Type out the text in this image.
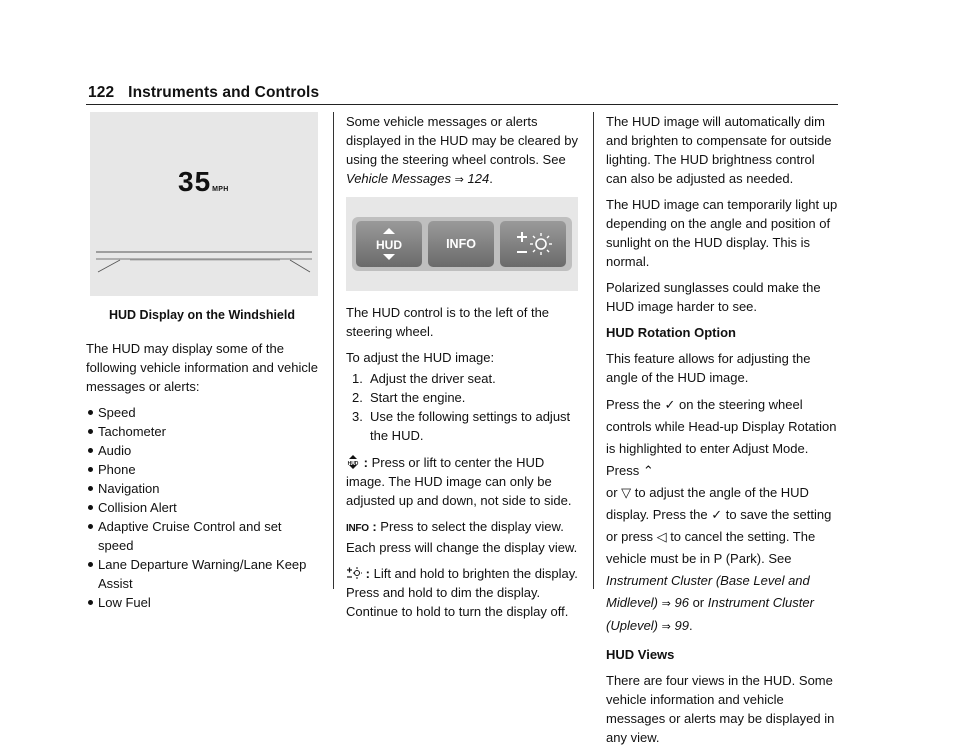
122 Instruments and Controls
35MPH
HUD Display on the Windshield

The HUD may display some of the following vehicle information and vehicle messages or alerts:

Speed
Tachometer
Audio
Phone
Navigation
Collision Alert
Adaptive Cruise Control and set speed
Lane Departure Warning/Lane Keep Assist
Low Fuel

Some vehicle messages or alerts displayed in the HUD may be cleared by using the steering wheel controls. See Vehicle Messages ⇒ 124.

HUD	INFO

The HUD control is to the left of the steering wheel.

To adjust the HUD image:

1. Adjust the driver seat.
2. Start the engine.
3. Use the following settings to adjust the HUD.

HUD : Press or lift to center the HUD image. The HUD image can only be adjusted up and down, not side to side.

INFO : Press to select the display view. Each press will change the display view.

: Lift and hold to brighten the display. Press and hold to dim the display. Continue to hold to turn the display off.

The HUD image will automatically dim and brighten to compensate for outside lighting. The HUD brightness control can also be adjusted as needed.

The HUD image can temporarily light up depending on the angle and position of sunlight on the HUD display. This is normal.

Polarized sunglasses could make the HUD image harder to see.

HUD Rotation Option

This feature allows for adjusting the angle of the HUD image.

Press the ✓ on the steering wheel controls while Head-up Display Rotation is highlighted to enter Adjust Mode. Press ⌃
or ▽ to adjust the angle of the HUD display. Press the ✓ to save the setting or press ◁ to cancel the setting. The vehicle must be in P (Park). See Instrument Cluster (Base Level and Midlevel) ⇒ 96 or Instrument Cluster (Uplevel) ⇒ 99.

HUD Views

There are four views in the HUD. Some vehicle information and vehicle messages or alerts may be displayed in any view.
